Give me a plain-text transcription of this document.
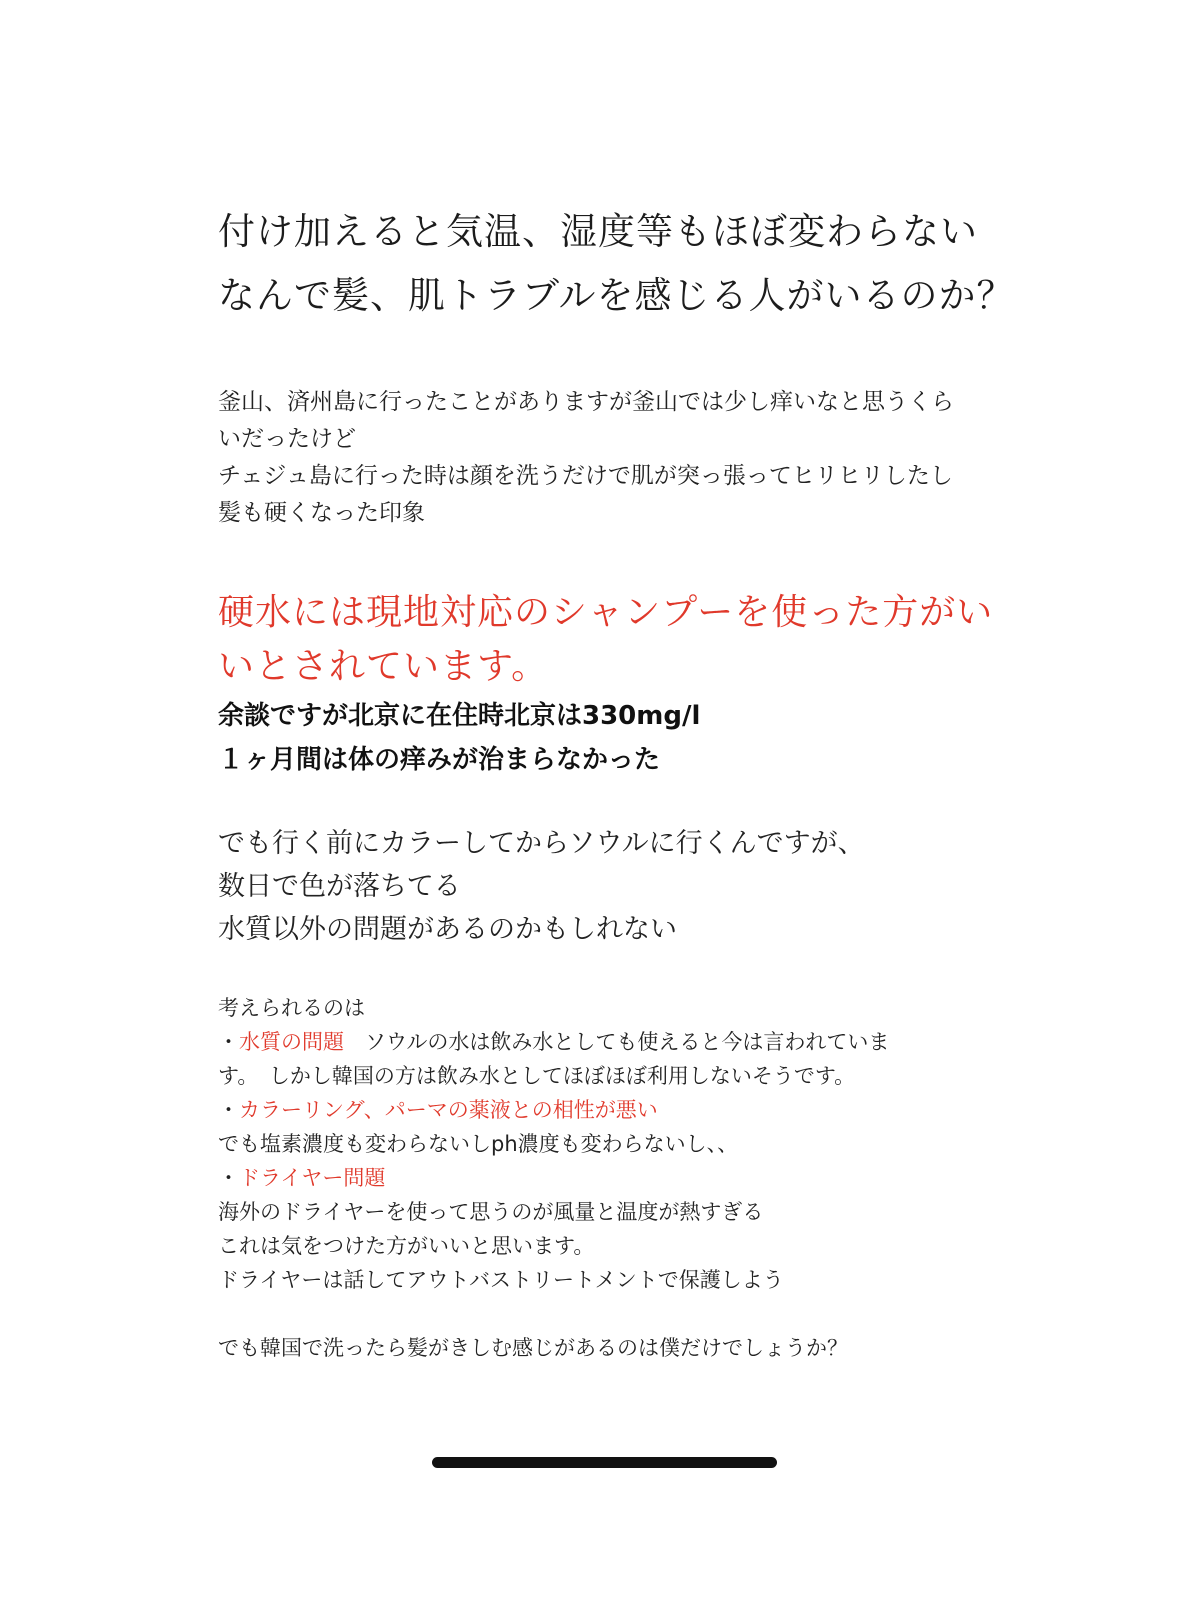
付け加えると気温、湿度等もほぼ変わらない
なんで髪、肌トラブルを感じる人がいるのか？
釜山、済州島に行ったことがありますが釜山では少し痒いなと思うくら
いだったけど
チェジュ島に行った時は顔を洗うだけで肌が突っ張ってヒリヒリしたし
髪も硬くなった印象
硬水には現地対応のシャンプーを使った方がい
いとされています。
余談ですが北京に在住時北京は330mg/l
１ヶ月間は体の痒みが治まらなかった
でも行く前にカラーしてからソウルに行くんですが、
数日で色が落ちてる
水質以外の問題があるのかもしれない
考えられるのは
・水質の問題　ソウルの水は飲み水としても使えると今は言われていま
す。　しかし韓国の方は飲み水としてほぼほぼ利用しないそうです。
・カラーリング、パーマの薬液との相性が悪い
でも塩素濃度も変わらないしph濃度も変わらないし、、
・ドライヤー問題
海外のドライヤーを使って思うのが風量と温度が熱すぎる
これは気をつけた方がいいと思います。
ドライヤーは話してアウトバストリートメントで保護しよう
でも韓国で洗ったら髪がきしむ感じがあるのは僕だけでしょうか？
